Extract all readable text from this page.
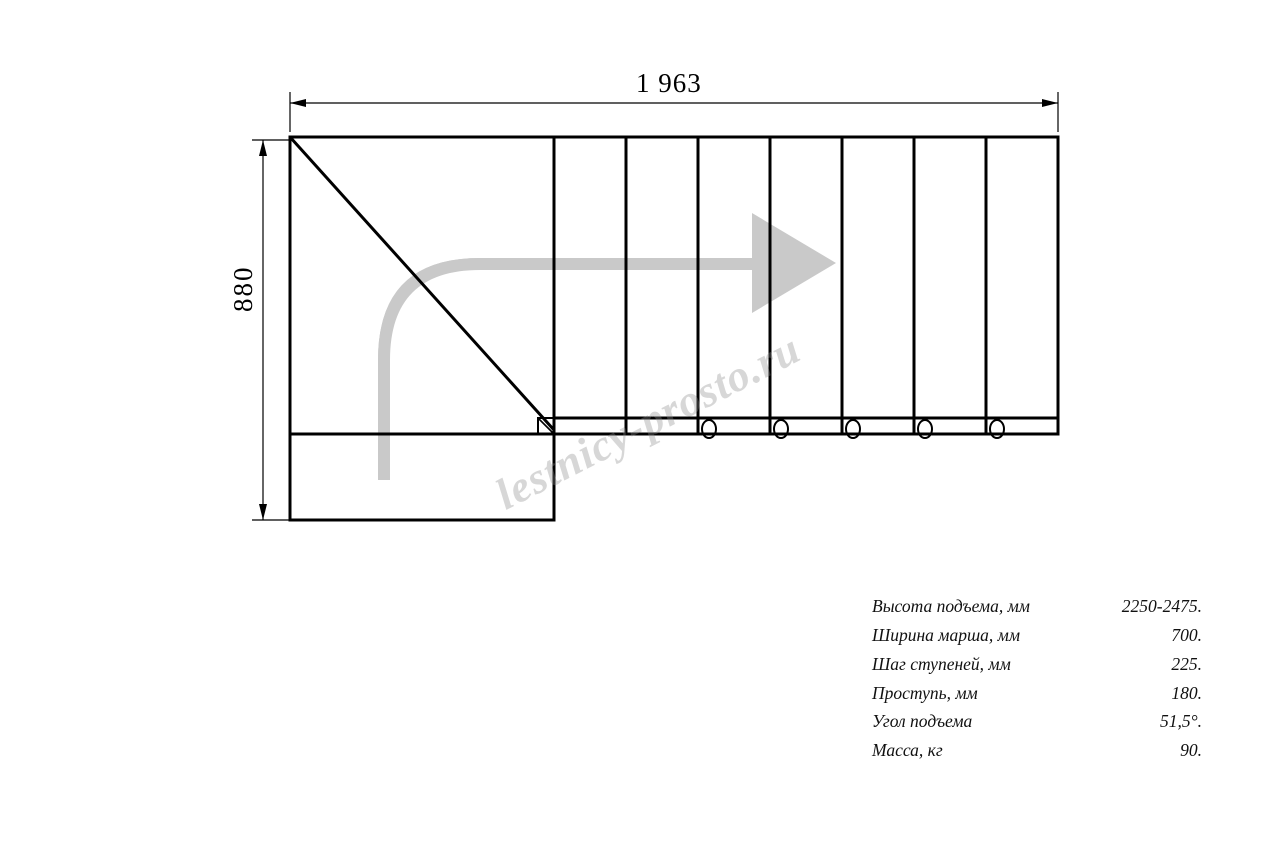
1 963
880
lestnicy-prosto.ru
Высота подъема, мм	2250-2475.
Ширина марша, мм	700.
Шаг ступеней, мм	225.
Проступь, мм	180.
Угол подъема	51,5°.
Масса, кг	90.
